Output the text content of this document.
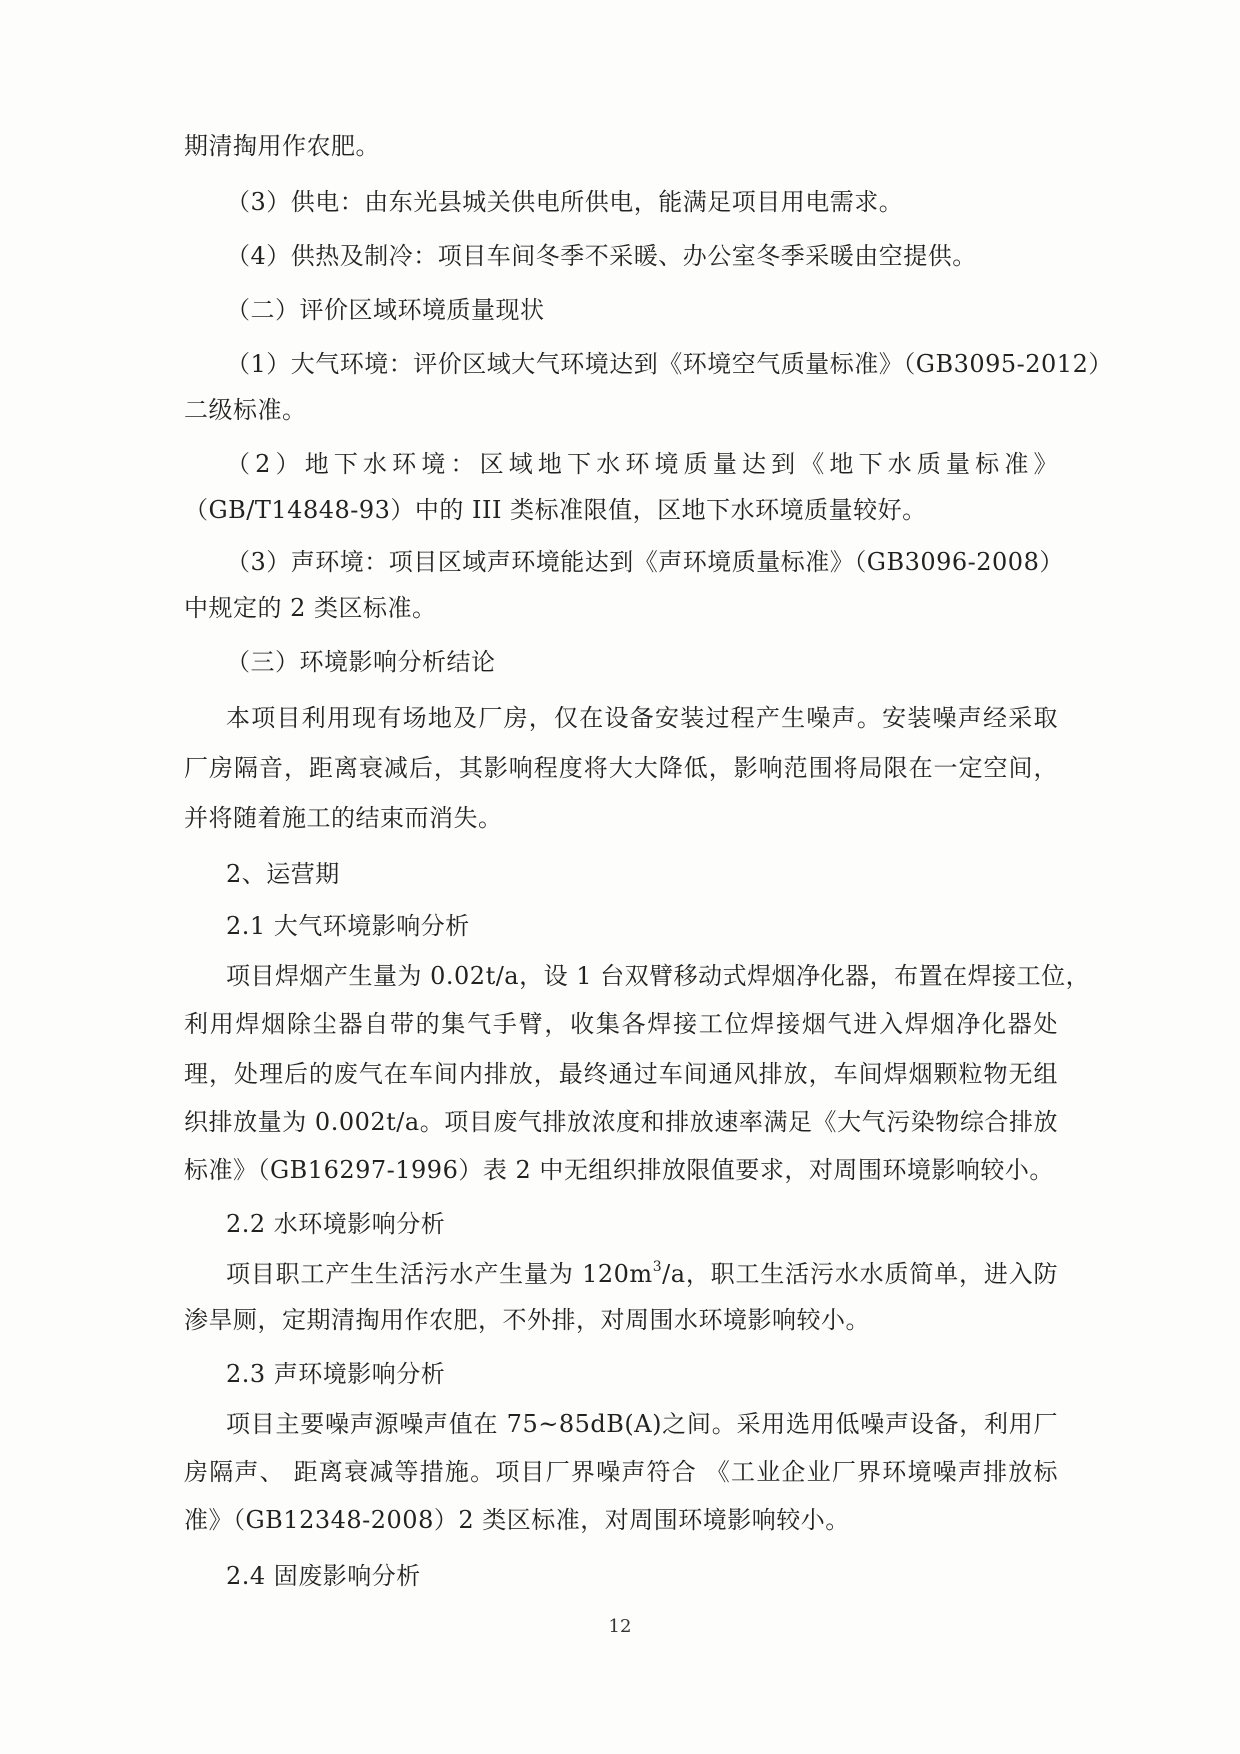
期清掏用作农肥。
（3）供电：由东光县城关供电所供电，能满足项目用电需求。
（4）供热及制冷：项目车间冬季不采暖、办公室冬季采暖由空提供。
（二）评价区域环境质量现状
（1）大气环境：评价区域大气环境达到《环境空气质量标准》（GB3095-2012）
二级标准。
（2）地下水环境：区域地下水环境质量达到《地下水质量标准》
（GB/T14848-93）中的 III 类标准限值，区地下水环境质量较好。
（3）声环境：项目区域声环境能达到《声环境质量标准》（GB3096-2008）
中规定的 2 类区标准。
（三）环境影响分析结论
本项目利用现有场地及厂房，仅在设备安装过程产生噪声。安装噪声经采取
厂房隔音，距离衰减后，其影响程度将大大降低，影响范围将局限在一定空间，
并将随着施工的结束而消失。
2、运营期
2.1 大气环境影响分析
项目焊烟产生量为 0.02t/a，设 1 台双臂移动式焊烟净化器，布置在焊接工位，
利用焊烟除尘器自带的集气手臂，收集各焊接工位焊接烟气进入焊烟净化器处
理，处理后的废气在车间内排放，最终通过车间通风排放，车间焊烟颗粒物无组
织排放量为 0.002t/a。项目废气排放浓度和排放速率满足《大气污染物综合排放
标准》（GB16297-1996）表 2 中无组织排放限值要求，对周围环境影响较小。
2.2 水环境影响分析
项目职工产生生活污水产生量为 $120m^3/a$，职工生活污水水质简单，进入防
渗旱厕，定期清掏用作农肥，不外排，对周围水环境影响较小。
2.3 声环境影响分析
项目主要噪声源噪声值在 75~85dB(A)之间。采用选用低噪声设备，利用厂
房隔声、 距离衰减等措施。项目厂界噪声符合 《工业企业厂界环境噪声排放标
准》（GB12348-2008）2 类区标准，对周围环境影响较小。
2.4 固废影响分析
12
